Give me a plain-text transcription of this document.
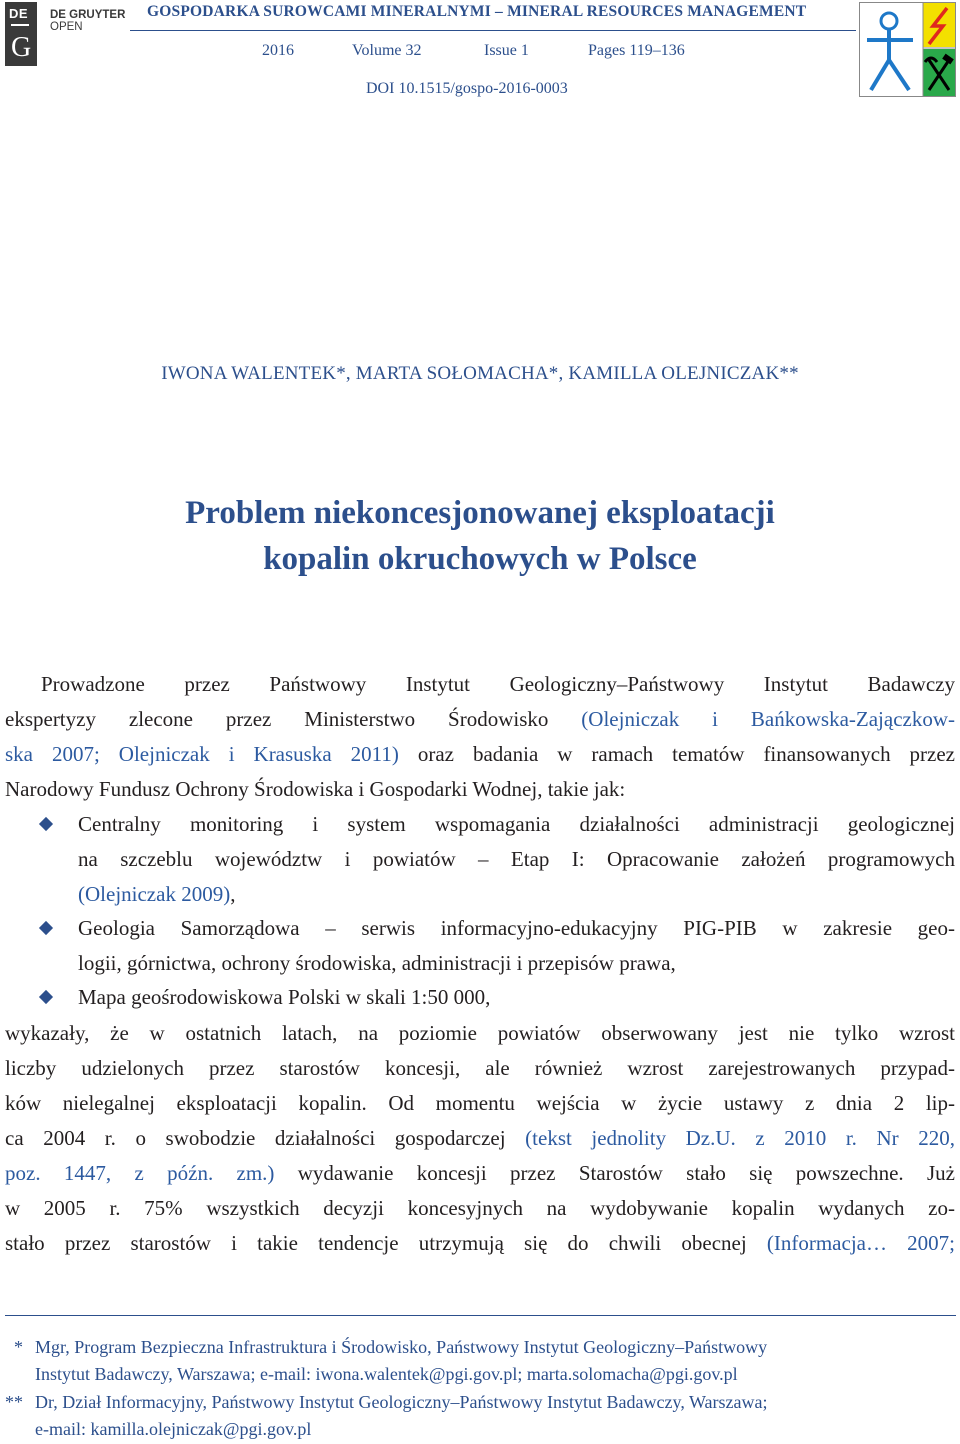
DE
G
DE GRUYTER
OPEN
GOSPODARKA SUROWCAMI MINERALNYMI – MINERAL RESOURCES MANAGEMENT
2016	Volume 32	Issue 1	Pages 119–136
DOI 10.1515/gospo-2016-0003
IWONA WALENTEK*, MARTA SOŁOMACHA*, KAMILLA OLEJNICZAK**
Problem niekoncesjonowanej eksploatacji
kopalin okruchowych w Polsce
Prowadzone przez Państwowy Instytut Geologiczny–Państwowy Instytut Badawczy
ekspertyzy zlecone przez Ministerstwo Środowisko (Olejniczak i Bańkowska-Zajączkow-
ska 2007; Olejniczak i Krasuska 2011) oraz badania w ramach tematów finansowanych przez
Narodowy Fundusz Ochrony Środowiska i Gospodarki Wodnej, takie jak:
Centralny monitoring i system wspomagania działalności administracji geologicznej
na szczeblu województw i powiatów – Etap I: Opracowanie założeń programowych
(Olejniczak 2009),
Geologia Samorządowa – serwis informacyjno-edukacyjny PIG-PIB w zakresie geo-
logii, górnictwa, ochrony środowiska, administracji i przepisów prawa,
Mapa geośrodowiskowa Polski w skali 1:50 000,
wykazały, że w ostatnich latach, na poziomie powiatów obserwowany jest nie tylko wzrost
liczby udzielonych przez starostów koncesji, ale również wzrost zarejestrowanych przypad-
ków nielegalnej eksploatacji kopalin. Od momentu wejścia w życie ustawy z dnia 2 lip-
ca 2004 r. o swobodzie działalności gospodarczej (tekst jednolity Dz.U. z 2010 r. Nr 220,
poz. 1447, z późn. zm.) wydawanie koncesji przez Starostów stało się powszechne. Już
w 2005 r. 75% wszystkich decyzji koncesyjnych na wydobywanie kopalin wydanych zo-
stało przez starostów i takie tendencje utrzymują się do chwili obecnej (Informacja… 2007;
* Mgr, Program Bezpieczna Infrastruktura i Środowisko, Państwowy Instytut Geologiczny–Państwowy
Instytut Badawczy, Warszawa; e-mail: iwona.walentek@pgi.gov.pl; marta.solomacha@pgi.gov.pl
** Dr, Dział Informacyjny, Państwowy Instytut Geologiczny–Państwowy Instytut Badawczy, Warszawa;
e-mail: kamilla.olejniczak@pgi.gov.pl
